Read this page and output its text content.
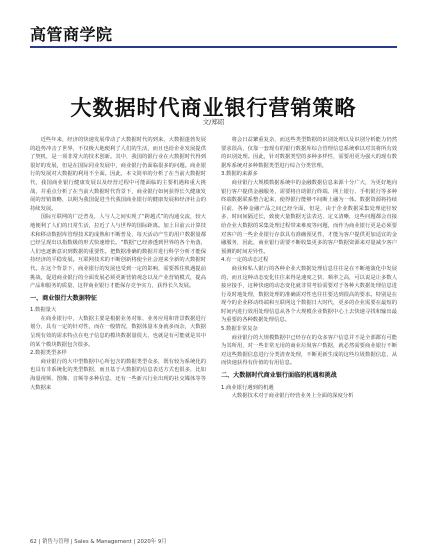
高管商学院
大数据时代商业银行营销策略
文/郑昭

近些年来，经济的快速发展带动了大数据时代的到来，大数据蓬勃发展的趋势冲击了世界，不仅极大地便利了人们的生活，而且也给企业发展提供了契机，是一项非常大的技术创新。其中，我国的银行业在大数据时代得到很好的发展，但是在国际同业发展中，商业银行仍面临很多的问题。商业银行的发展对大数据的利用不全面。因此，本文简单的分析了在当前大数据时代，我国商业银行健康发展以及经营过程中可能面临的主要机遇和重大挑战，并重点分析了在当前大数据时代背景下，商业银行如何获得长久健康发展的营销策略，以期为我国促进当代我国商业银行的健康发展和经济社会的持续发展。

国际互联网的广泛普及，人与人之间实现了“跨越式”的沟通交流，较大地便利了人们的日常生活，拉近了人与世界的国际距离。加上目前云计算技术和移动数据库管理技术的成熟和不断普及，每天活动产生的用户数据量都已经呈现出以指数级的形式快速增长。“数据”已经渗透到世界的各个角落，人们也逐渐意识到数据的重要性。把数据准确的数据并进行科学分析才能保持经济的平稳发展。互联网技术的不断创新将使全社会迎来全新的大数据时代。在这个背景下，商业银行的发展也受到一定的影响，需要抓住机遇提前挑战，促进商业银行的全面发展必须更新营销观念以及产业营销模式，提高产品和服务的质量，这样商业银行才能保存竞争实力，获得长久发展。

一、商业银行大数据特征

1.数据量大

在商业银行中，大数据主要是根据业务对象、业务应用和背景数据进行划分，具有一定的针对性，而在一般情况，数据体量本身就多而杂，大数据呈现有效的需求特点在电子信息的模块数据量很大，也就是有可能就是其中的某个模块数据包含很多。

2.数据类型多样

商业银行的大中型数据中心所包含的数据类型众多，既有较为系统化的也具有非系统化的类型数据，而且基于大数据的信息表达方式也很多，比如海量视频、图像、音频等多种信息，还有一些新兴行业出现的社交媒体等等大数据来

将会日益繁重复杂，而这些类型数据的识别处理以及识别分析能力仍然要求很高，仅靠一套现有的银行数据库综合管理信息系统难以对其将所有效的识别处理。因此，针对数据类型的多种多样性，需要用更为强大的现有数据库系统对多种数据类型进行综合分类管理。

3.数据的来源多

商业银行大规模数据系统中的金融数据信息来源十分广大，为更好地向银行客户提供金融服务，需要将自助银行终端、网上银行、手机银行等多种终端数据联系整合起来，使得银行能够不间断上融为一体。数据资源将持续目前，各种金融产品之间已经全面，但是，由于企业数据采集处理途径较多，时间间隔过长，致使大量数据无法表达、定义清晰，这些问题都会直接给企业大数据的采集处理过程带来难度等问题，而作为商业银行更是必须要对客户的一些企业银行存款具有准确预见性，才能为客户提供更加适宜的金融服务，因此，商业银行需要不断收集更多的客户数据资源来对量减少客户预测的时间差异性。

4.有一定的动态过程

商业和私人银行的各种企业大数据处理信息往往是在不断地演化中发展的，而且这种动态变化往往来得是速度之快、频率之高，可以说是让多数人接应接手，这种快速的动态变化就非常考验需要对于各种大数据处理信息进行及时地处理，数据处理的准确需对性也往往要达到很高的要求。特别是在现今的企业移动终端和互联网这个数据日大时代，更多的企业需要在最短的时间内进行效用处理信息从各个大规模企业数据中心上去快速寻找和输出最为重要的各种数据处理信息。

5.数据非常复杂

商业银行的大规模数据中已经存在的众多客户信息并不是全部都有可能为其所用，对一些非常无用的商业垃圾客户数据，就必然需要商业银行不断对这些数据信息进行分类清查处理，不断更新生成的这些垃圾数据信息，从而快速获得有价值的有用信息。

二、大数据时代商业银行面临的机遇和挑战

1.商业银行遇到的机遇

大数据技术对于商业银行经营业务上全面的深度分析

62 | 销售与管理 | Sales & Management | 2020年 9月
